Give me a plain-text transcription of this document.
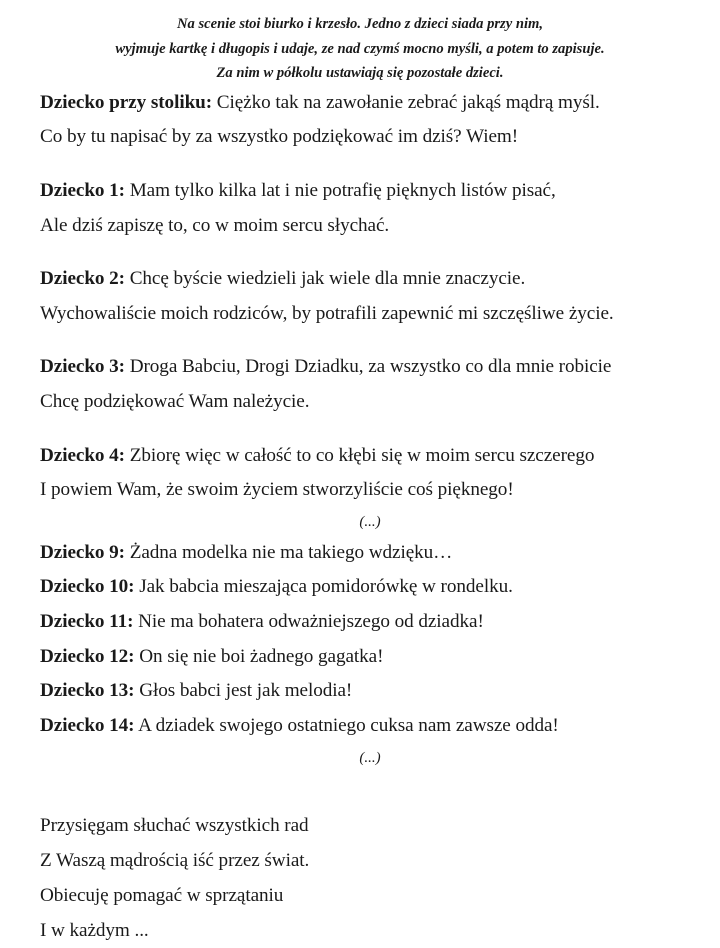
Na scenie stoi biurko i krzesło. Jedno z dzieci siada przy nim,
wyjmuje kartkę i długopis i udaje, ze nad czymś mocno myśli, a potem to zapisuje.
Za nim w półkolu ustawiają się pozostałe dzieci.

Dziecko przy stoliku: Ciężko tak na zawołanie zebrać jakąś mądrą myśl.
Co by tu napisać by za wszystko podziękować im dziś? Wiem!

Dziecko 1: Mam tylko kilka lat i nie potrafię pięknych listów pisać,
Ale dziś zapiszę to, co w moim sercu słychać.

Dziecko 2: Chcę byście wiedzieli jak wiele dla mnie znaczycie.
Wychowaliście moich rodziców, by potrafili zapewnić mi szczęśliwe życie.

Dziecko 3: Droga Babciu, Drogi Dziadku, za wszystko co dla mnie robicie
Chcę podziękować Wam należycie.

Dziecko 4: Zbiorę więc w całość to co kłębi się w moim sercu szczerego
I powiem Wam, że swoim życiem stworzyliście coś pięknego!

(...)

Dziecko 9: Żadna modelka nie ma takiego wdzięku…

Dziecko 10: Jak babcia mieszająca pomidorówkę w rondelku.

Dziecko 11: Nie ma bohatera odważniejszego od dziadka!

Dziecko 12: On się nie boi żadnego gagatka!

Dziecko 13: Głos babci jest jak melodia!

Dziecko 14: A dziadek swojego ostatniego cuksa nam zawsze odda!

(...)
Przysięgam słuchać wszystkich rad
Z Waszą mądrością iść przez świat.
Obiecuję pomagać w sprzątaniu
I w każdym ...
